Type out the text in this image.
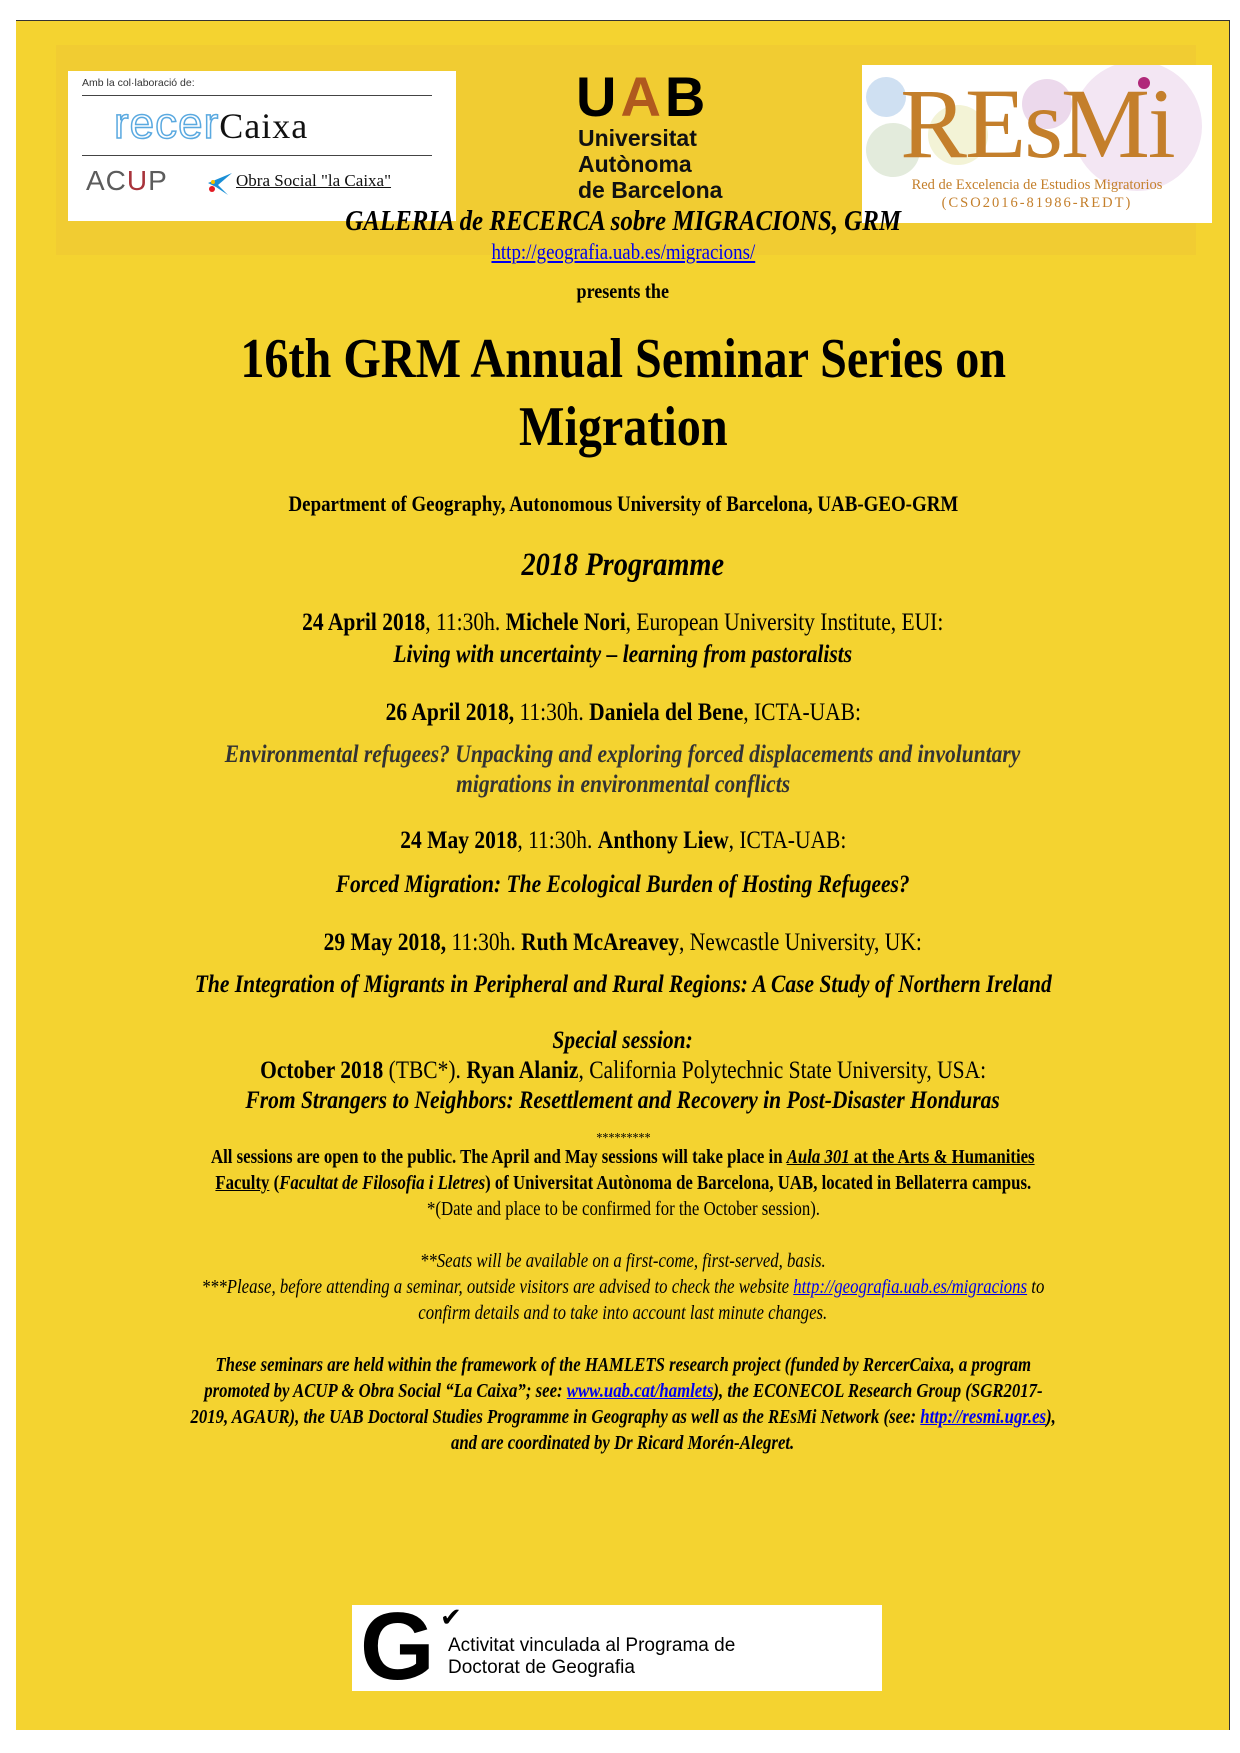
Amb la col·laboració de:
recerCaixa
ACUP	Obra Social "la Caixa"
UAB
Universitat
Autònoma
de Barcelona
REsMi
Red de Excelencia de Estudios Migratorios
(CSO2016-81986-REDT)
GALERIA de RECERCA sobre MIGRACIONS, GRM
http://geografia.uab.es/migracions/
presents the
16th GRM Annual Seminar Series on
Migration
Department of Geography, Autonomous University of Barcelona, UAB-GEO-GRM
2018 Programme
24 April 2018, 11:30h. Michele Nori, European University Institute, EUI:
Living with uncertainty – learning from pastoralists
26 April 2018, 11:30h. Daniela del Bene, ICTA-UAB:
Environmental refugees? Unpacking and exploring forced displacements and involuntary
migrations in environmental conflicts
24 May 2018, 11:30h. Anthony Liew, ICTA-UAB:
Forced Migration: The Ecological Burden of Hosting Refugees?
29 May 2018, 11:30h. Ruth McAreavey, Newcastle University, UK:
The Integration of Migrants in Peripheral and Rural Regions: A Case Study of Northern Ireland
Special session:
October 2018 (TBC*). Ryan Alaniz, California Polytechnic State University, USA:
From Strangers to Neighbors: Resettlement and Recovery in Post-Disaster Honduras
*********
All sessions are open to the public. The April and May sessions will take place in Aula 301 at the Arts & Humanities
Faculty (Facultat de Filosofia i Lletres) of Universitat Autònoma de Barcelona, UAB, located in Bellaterra campus.
*(Date and place to be confirmed for the October session).
**Seats will be available on a first-come, first-served, basis.
***Please, before attending a seminar, outside visitors are advised to check the website http://geografia.uab.es/migracions to
confirm details and to take into account last minute changes.
These seminars are held within the framework of the HAMLETS research project (funded by RercerCaixa, a program
promoted by ACUP & Obra Social “La Caixa”; see: www.uab.cat/hamlets), the ECONECOL Research Group (SGR2017-
2019, AGAUR), the UAB Doctoral Studies Programme in Geography as well as the REsMi Network (see: http://resmi.ugr.es),
and are coordinated by Dr Ricard Morén-Alegret.
G ✔
Activitat vinculada al Programa de
Doctorat de Geografia
